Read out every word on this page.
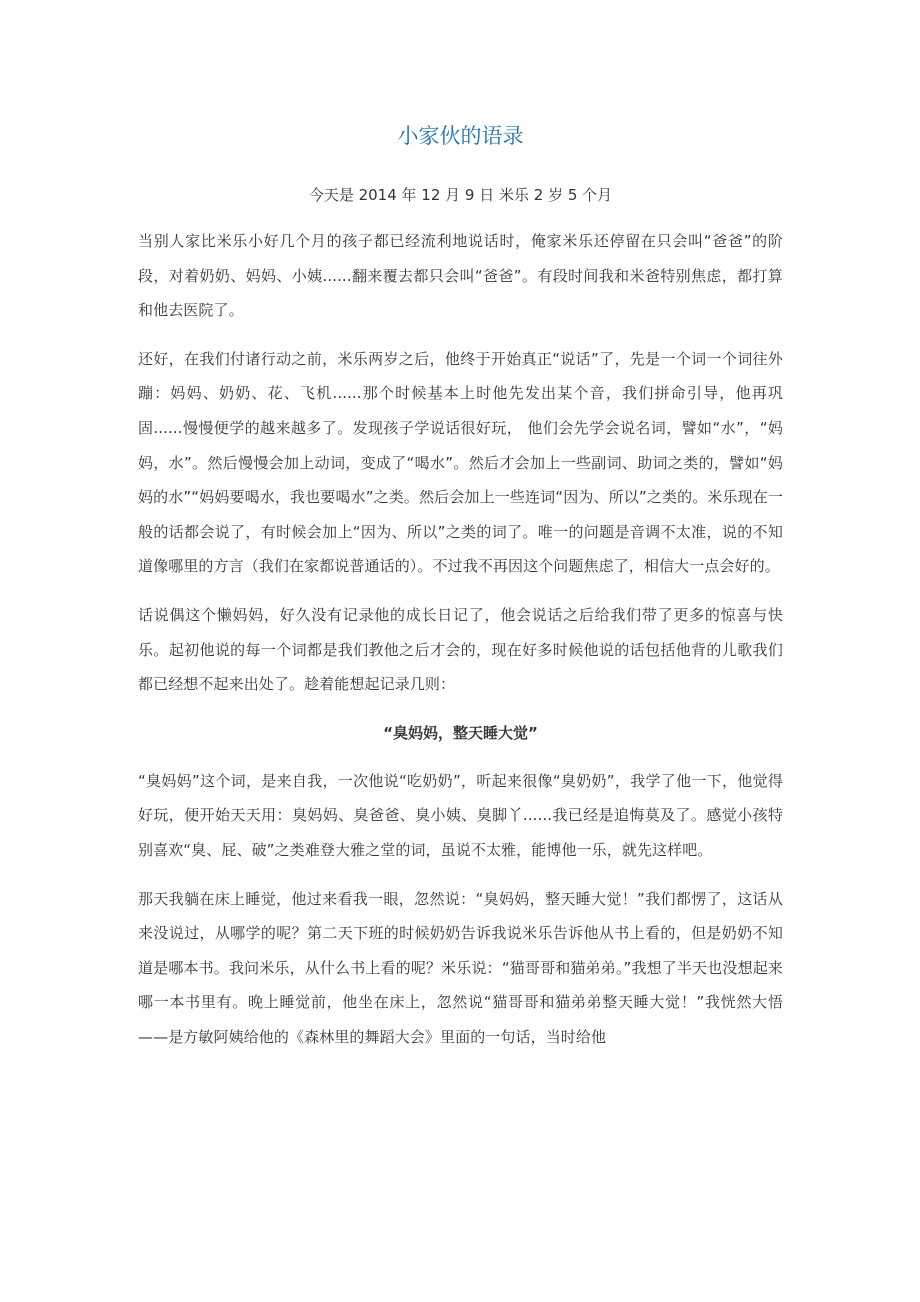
小家伙的语录

今天是 2014 年 12 月 9 日 米乐 2 岁 5 个月

当别人家比米乐小好几个月的孩子都已经流利地说话时，俺家米乐还停留在只会叫“爸爸”的阶段，对着奶奶、妈妈、小姨......翻来覆去都只会叫“爸爸”。有段时间我和米爸特别焦虑，都打算和他去医院了。

还好，在我们付诸行动之前，米乐两岁之后，他终于开始真正“说话”了，先是一个词一个词往外蹦：妈妈、奶奶、花、飞机......那个时候基本上时他先发出某个音，我们拼命引导，他再巩固......慢慢便学的越来越多了。发现孩子学说话很好玩， 他们会先学会说名词，譬如“水”，“妈妈，水”。然后慢慢会加上动词，变成了“喝水”。然后才会加上一些副词、助词之类的，譬如“妈妈的水”“妈妈要喝水，我也要喝水”之类。然后会加上一些连词“因为、所以”之类的。米乐现在一般的话都会说了，有时候会加上“因为、所以”之类的词了。唯一的问题是音调不太准，说的不知道像哪里的方言（我们在家都说普通话的）。不过我不再因这个问题焦虑了，相信大一点会好的。

话说偶这个懒妈妈，好久没有记录他的成长日记了，他会说话之后给我们带了更多的惊喜与快乐。起初他说的每一个词都是我们教他之后才会的，现在好多时候他说的话包括他背的儿歌我们都已经想不起来出处了。趁着能想起记录几则：

“臭妈妈，整天睡大觉”

“臭妈妈”这个词，是来自我，一次他说“吃奶奶”，听起来很像“臭奶奶”，我学了他一下，他觉得好玩，便开始天天用：臭妈妈、臭爸爸、臭小姨、臭脚丫......我已经是追悔莫及了。感觉小孩特别喜欢“臭、屁、破”之类难登大雅之堂的词，虽说不太雅，能博他一乐，就先这样吧。

那天我躺在床上睡觉，他过来看我一眼，忽然说：“臭妈妈，整天睡大觉！”我们都愣了，这话从来没说过，从哪学的呢？第二天下班的时候奶奶告诉我说米乐告诉他从书上看的，但是奶奶不知道是哪本书。我问米乐，从什么书上看的呢？米乐说：“猫哥哥和猫弟弟。”我想了半天也没想起来哪一本书里有。晚上睡觉前，他坐在床上，忽然说“猫哥哥和猫弟弟整天睡大觉！”我恍然大悟——是方敏阿姨给他的《森林里的舞蹈大会》里面的一句话，当时给他
